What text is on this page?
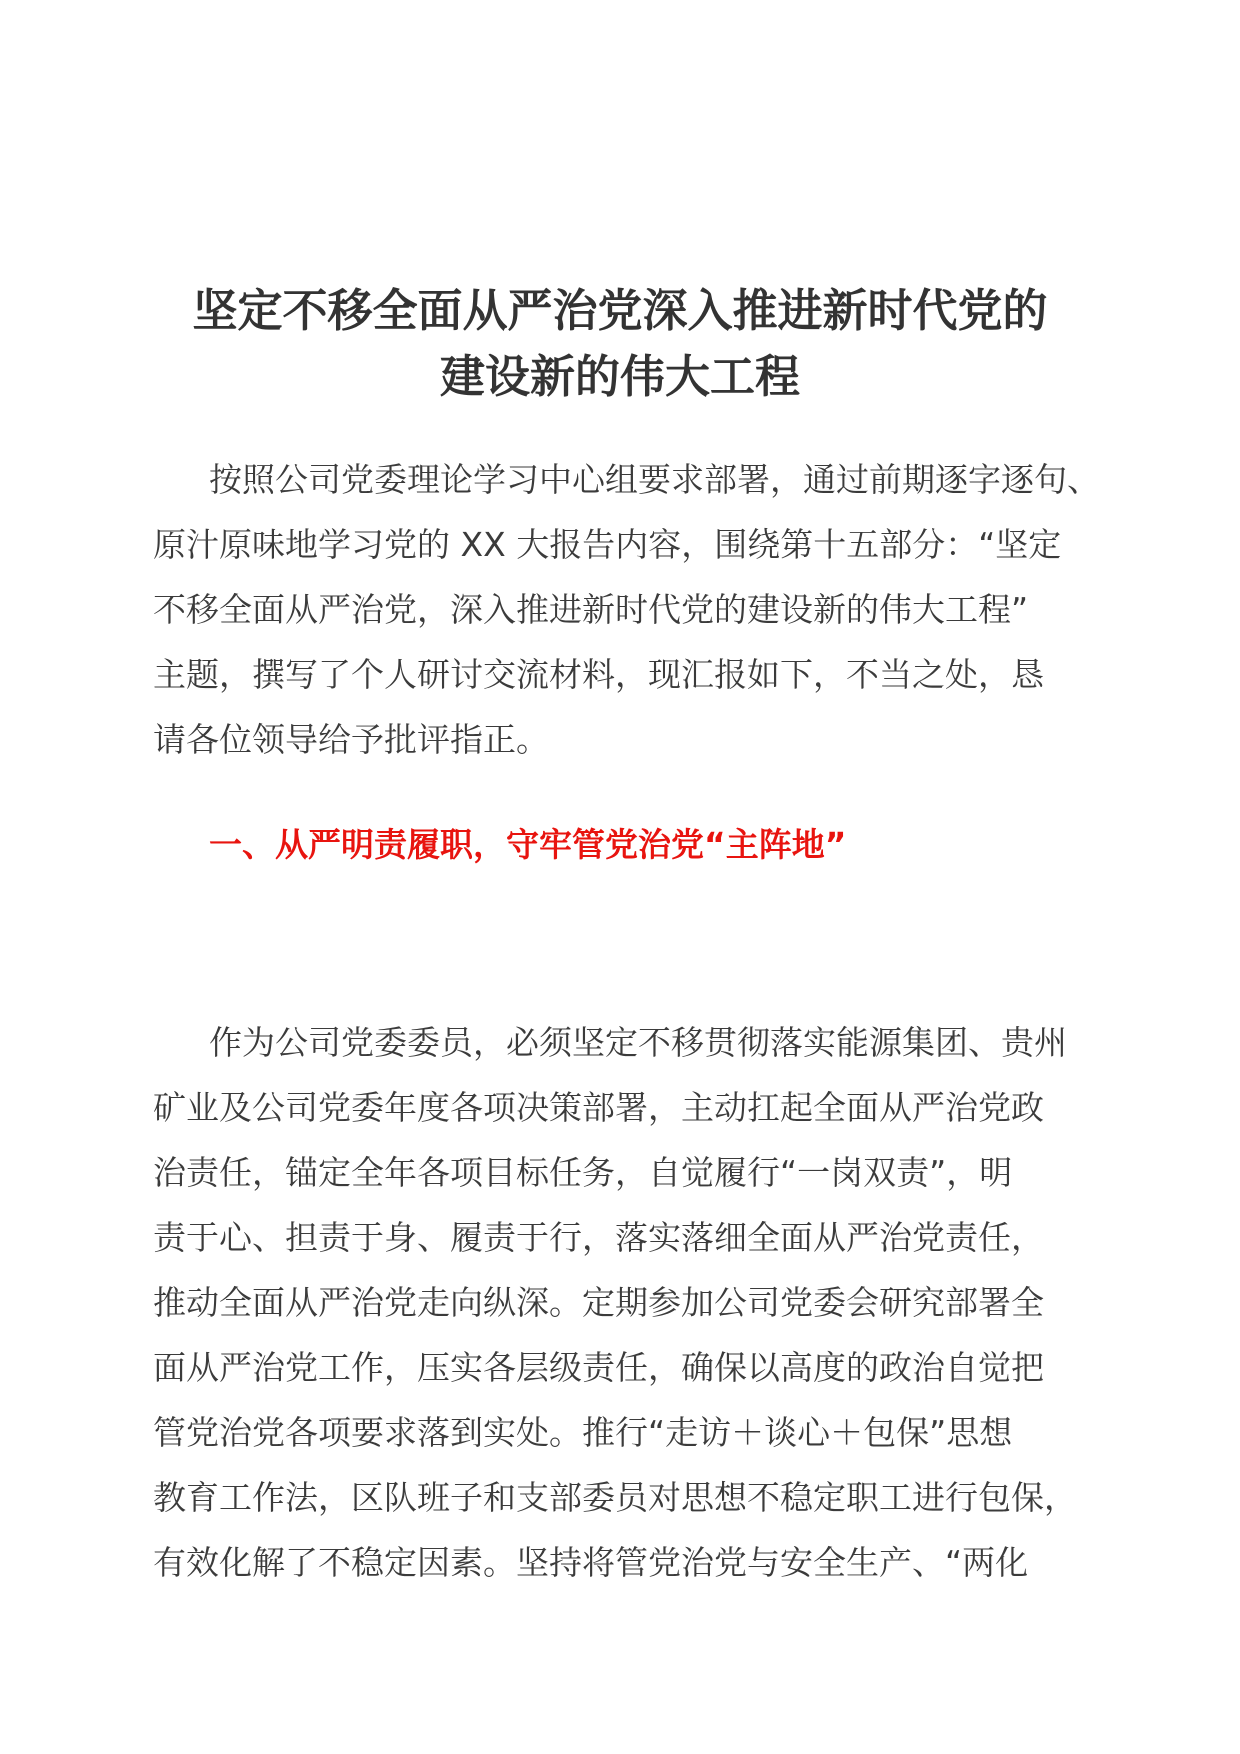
坚定不移全面从严治党深入推进新时代党的
建设新的伟大工程
按照公司党委理论学习中心组要求部署，通过前期逐字逐句、
原汁原味地学习党的 XX 大报告内容，围绕第十五部分：“坚定
不移全面从严治党，深入推进新时代党的建设新的伟大工程”
主题，撰写了个人研讨交流材料，现汇报如下，不当之处，恳
请各位领导给予批评指正。
一、从严明责履职，守牢管党治党“主阵地”
作为公司党委委员，必须坚定不移贯彻落实能源集团、贵州
矿业及公司党委年度各项决策部署，主动扛起全面从严治党政
治责任，锚定全年各项目标任务，自觉履行“一岗双责”，明
责于心、担责于身、履责于行，落实落细全面从严治党责任，
推动全面从严治党走向纵深。定期参加公司党委会研究部署全
面从严治党工作，压实各层级责任，确保以高度的政治自觉把
管党治党各项要求落到实处。推行“走访＋谈心＋包保”思想
教育工作法，区队班子和支部委员对思想不稳定职工进行包保，
有效化解了不稳定因素。坚持将管党治党与安全生产、“两化
